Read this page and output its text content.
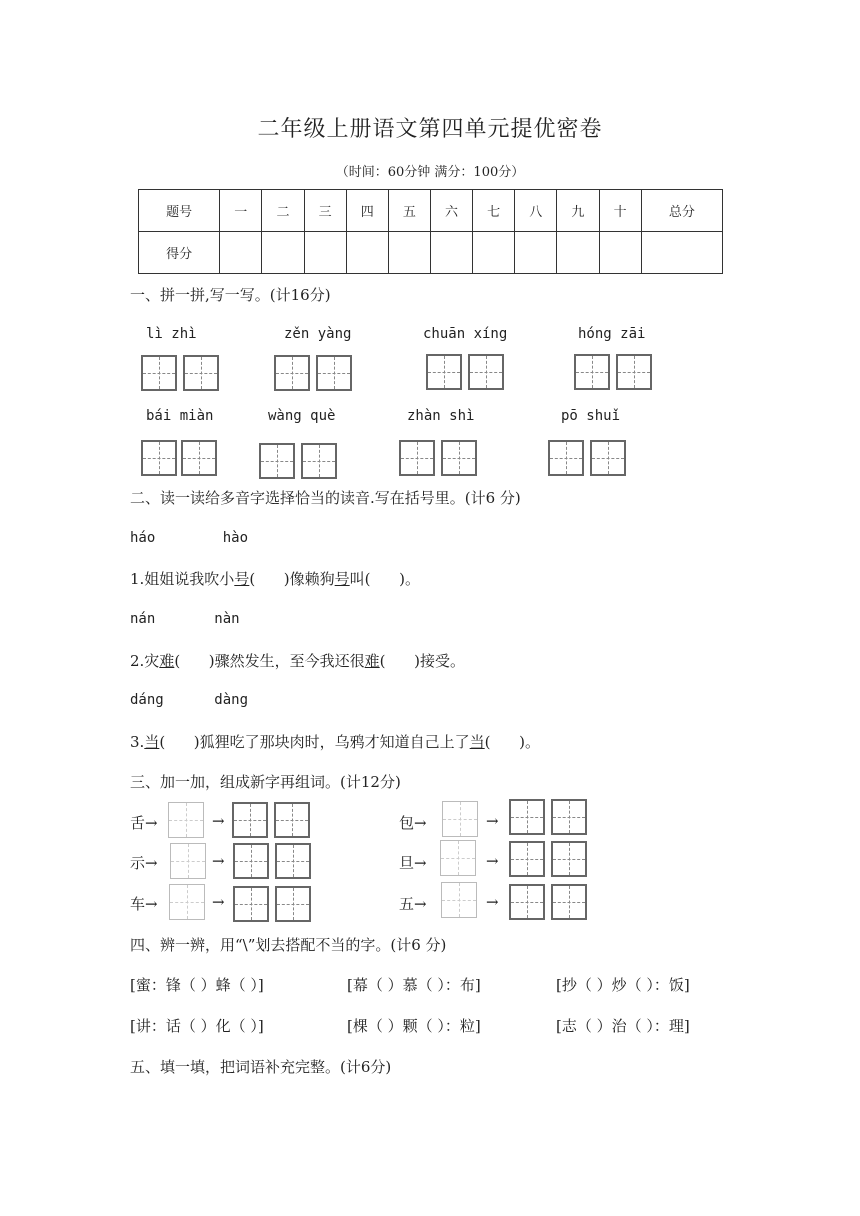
二年级上册语文第四单元提优密卷
（时间：60分钟 满分：100分）
题号	一	二	三	四	五	六	七	八	九	十	总分
得分											
一、拼一拼,写一写。(计16分)
lì zhì	zěn yàng	chuān xíng	hóng zāi
bái miàn	wàng què	zhàn shì	pō shuǐ
二、读一读给多音字选择恰当的读音.写在括号里。(计6 分)
háo        hào
1.姐姐说我吹小号(      )像赖狗号叫(      )。
nán       nàn
2.灾难(      )骤然发生，至今我还很难(      )接受。
dáng      dàng
3.当(      )狐狸吃了那块肉时，乌鸦才知道自己上了当(      )。
三、加一加，组成新字再组词。(计12分)
舌→	→
示→	→
车→	→
包→	→
旦→	→
五→	→
四、辨一辨，用“\”划去搭配不当的字。(计6 分)
[蜜：锋（ ）蜂（ ）]	[幕（ ）慕（ ）：布]	[抄（ ）炒（ ）：饭]
[讲：话（ ）化（ ）]	[棵（ ）颗（ ）：粒]	[志（ ）治（ ）：理]
五、填一填，把词语补充完整。(计6分)
